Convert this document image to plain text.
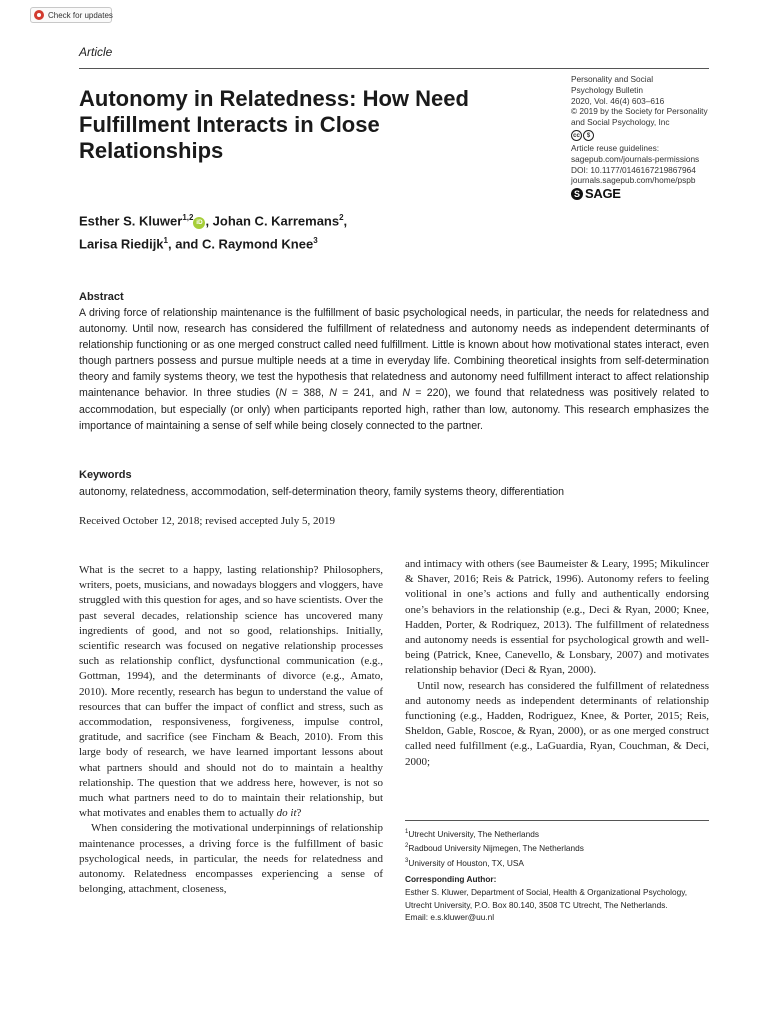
Check for updates
Article
Autonomy in Relatedness: How Need Fulfillment Interacts in Close Relationships
Personality and Social
Psychology Bulletin
2020, Vol. 46(4) 603–616
© 2019 by the Society for Personality
and Social Psychology, Inc
cc	$
Article reuse guidelines:
sagepub.com/journals-permissions
DOI: 10.1177/0146167219867964
journals.sagepub.com/home/pspb
S SAGE
Esther S. Kluwer$^{1,2}$iD , Johan C. Karremans$^2$,
Larisa Riedijk$^1$, and C. Raymond Knee$^3$
Abstract

A driving force of relationship maintenance is the fulfillment of basic psychological needs, in particular, the needs for relatedness and autonomy. Until now, research has considered the fulfillment of relatedness and autonomy needs as independent determinants of relationship functioning or as one merged construct called need fulfillment. Little is known about how motivational states interact, even though partners possess and pursue multiple needs at a time in everyday life. Combining theoretical insights from self-determination theory and family systems theory, we test the hypothesis that relatedness and autonomy need fulfillment interact to affect relationship maintenance behavior. In three studies (N = 388, N = 241, and N = 220), we found that relatedness was positively related to accommodation, but especially (or only) when participants reported high, rather than low, autonomy. This research emphasizes the importance of maintaining a sense of self while being closely connected to the partner.

Keywords

autonomy, relatedness, accommodation, self-determination theory, family systems theory, differentiation

Received October 12, 2018; revised accepted July 5, 2019

What is the secret to a happy, lasting relationship? Philosophers, writers, poets, musicians, and nowadays bloggers and vloggers, have struggled with this question for ages, and so have scientists. Over the past several decades, relationship science has uncovered many ingredients of good, and not so good, relationships. Initially, scientific research was focused on negative relationship processes such as relationship conflict, dysfunctional communication (e.g., Gottman, 1994), and the determinants of divorce (e.g., Amato, 2010). More recently, research has begun to understand the value of resources that can buffer the impact of conflict and stress, such as accommodation, responsiveness, forgiveness, impulse control, gratitude, and sacrifice (see Fincham & Beach, 2010). From this large body of research, we have learned important lessons about what partners should and should not do to maintain a healthy relationship. The question that we address here, however, is not so much what partners need to do to maintain their relationship, but what motivates and enables them to actually do it?

When considering the motivational underpinnings of relationship maintenance processes, a driving force is the fulfillment of basic psychological needs, in particular, the needs for relatedness and autonomy. Relatedness encompasses experiencing a sense of belonging, attachment, closeness,

and intimacy with others (see Baumeister & Leary, 1995; Mikulincer & Shaver, 2016; Reis & Patrick, 1996). Autonomy refers to feeling volitional in one’s actions and fully and authentically endorsing one’s behaviors in the relationship (e.g., Deci & Ryan, 2000; Knee, Hadden, Porter, & Rodriquez, 2013). The fulfillment of relatedness and autonomy needs is essential for psychological growth and well-being (Patrick, Knee, Canevello, & Lonsbary, 2007) and motivates relationship behavior (Deci & Ryan, 2000).

Until now, research has considered the fulfillment of relatedness and autonomy needs as independent determinants of relationship functioning (e.g., Hadden, Rodriguez, Knee, & Porter, 2015; Reis, Sheldon, Gable, Roscoe, & Ryan, 2000), or as one merged construct called need fulfillment (e.g., LaGuardia, Ryan, Couchman, & Deci, 2000;

$^1$Utrecht University, The Netherlands
$^2$Radboud University Nijmegen, The Netherlands
$^3$University of Houston, TX, USA
Corresponding Author:
Esther S. Kluwer, Department of Social, Health & Organizational Psychology, Utrecht University, P.O. Box 80.140, 3508 TC Utrecht, The Netherlands.
Email: e.s.kluwer@uu.nl
